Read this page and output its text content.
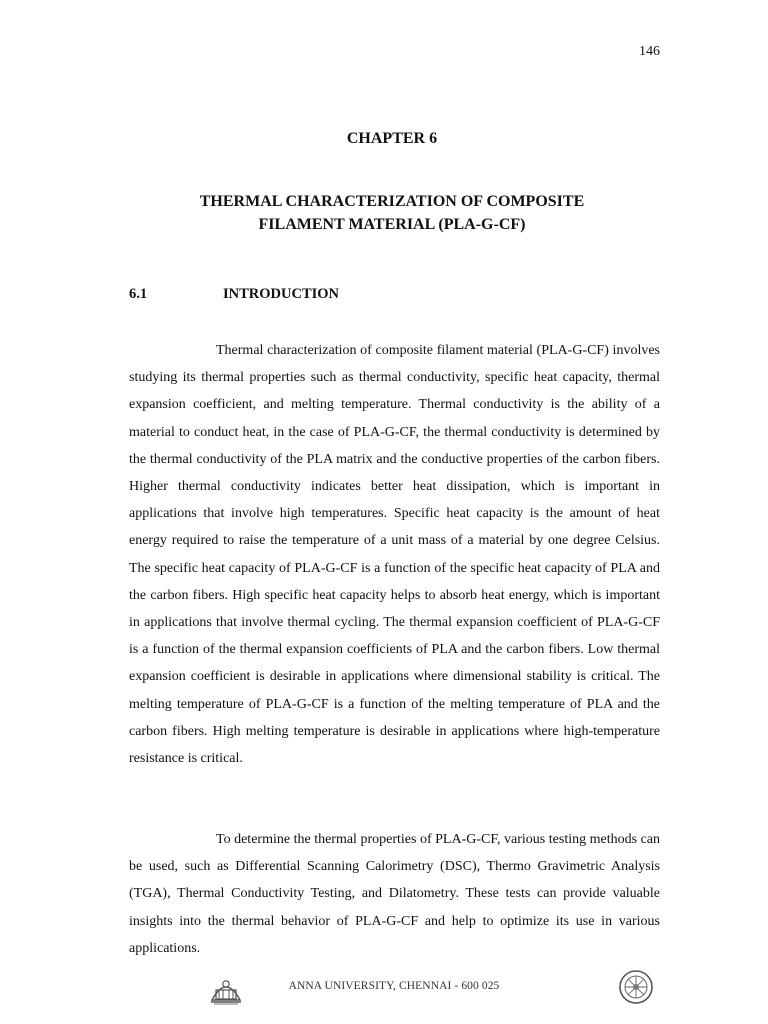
146
CHAPTER 6
THERMAL CHARACTERIZATION OF COMPOSITE
FILAMENT MATERIAL (PLA-G-CF)
6.1	INTRODUCTION

Thermal characterization of composite filament material (PLA-G-CF) involves studying its thermal properties such as thermal conductivity, specific heat capacity, thermal expansion coefficient, and melting temperature. Thermal conductivity is the ability of a material to conduct heat, in the case of PLA-G-CF, the thermal conductivity is determined by the thermal conductivity of the PLA matrix and the conductive properties of the carbon fibers. Higher thermal conductivity indicates better heat dissipation, which is important in applications that involve high temperatures. Specific heat capacity is the amount of heat energy required to raise the temperature of a unit mass of a material by one degree Celsius. The specific heat capacity of PLA-G-CF is a function of the specific heat capacity of PLA and the carbon fibers. High specific heat capacity helps to absorb heat energy, which is important in applications that involve thermal cycling. The thermal expansion coefficient of PLA-G-CF is a function of the thermal expansion coefficients of PLA and the carbon fibers. Low thermal expansion coefficient is desirable in applications where dimensional stability is critical. The melting temperature of PLA-G-CF is a function of the melting temperature of PLA and the carbon fibers. High melting temperature is desirable in applications where high-temperature resistance is critical.

To determine the thermal properties of PLA-G-CF, various testing methods can be used, such as Differential Scanning Calorimetry (DSC), Thermo Gravimetric Analysis (TGA), Thermal Conductivity Testing, and Dilatometry. These tests can provide valuable insights into the thermal behavior of PLA-G-CF and help to optimize its use in various applications.

ANNA UNIVERSITY, CHENNAI - 600 025
